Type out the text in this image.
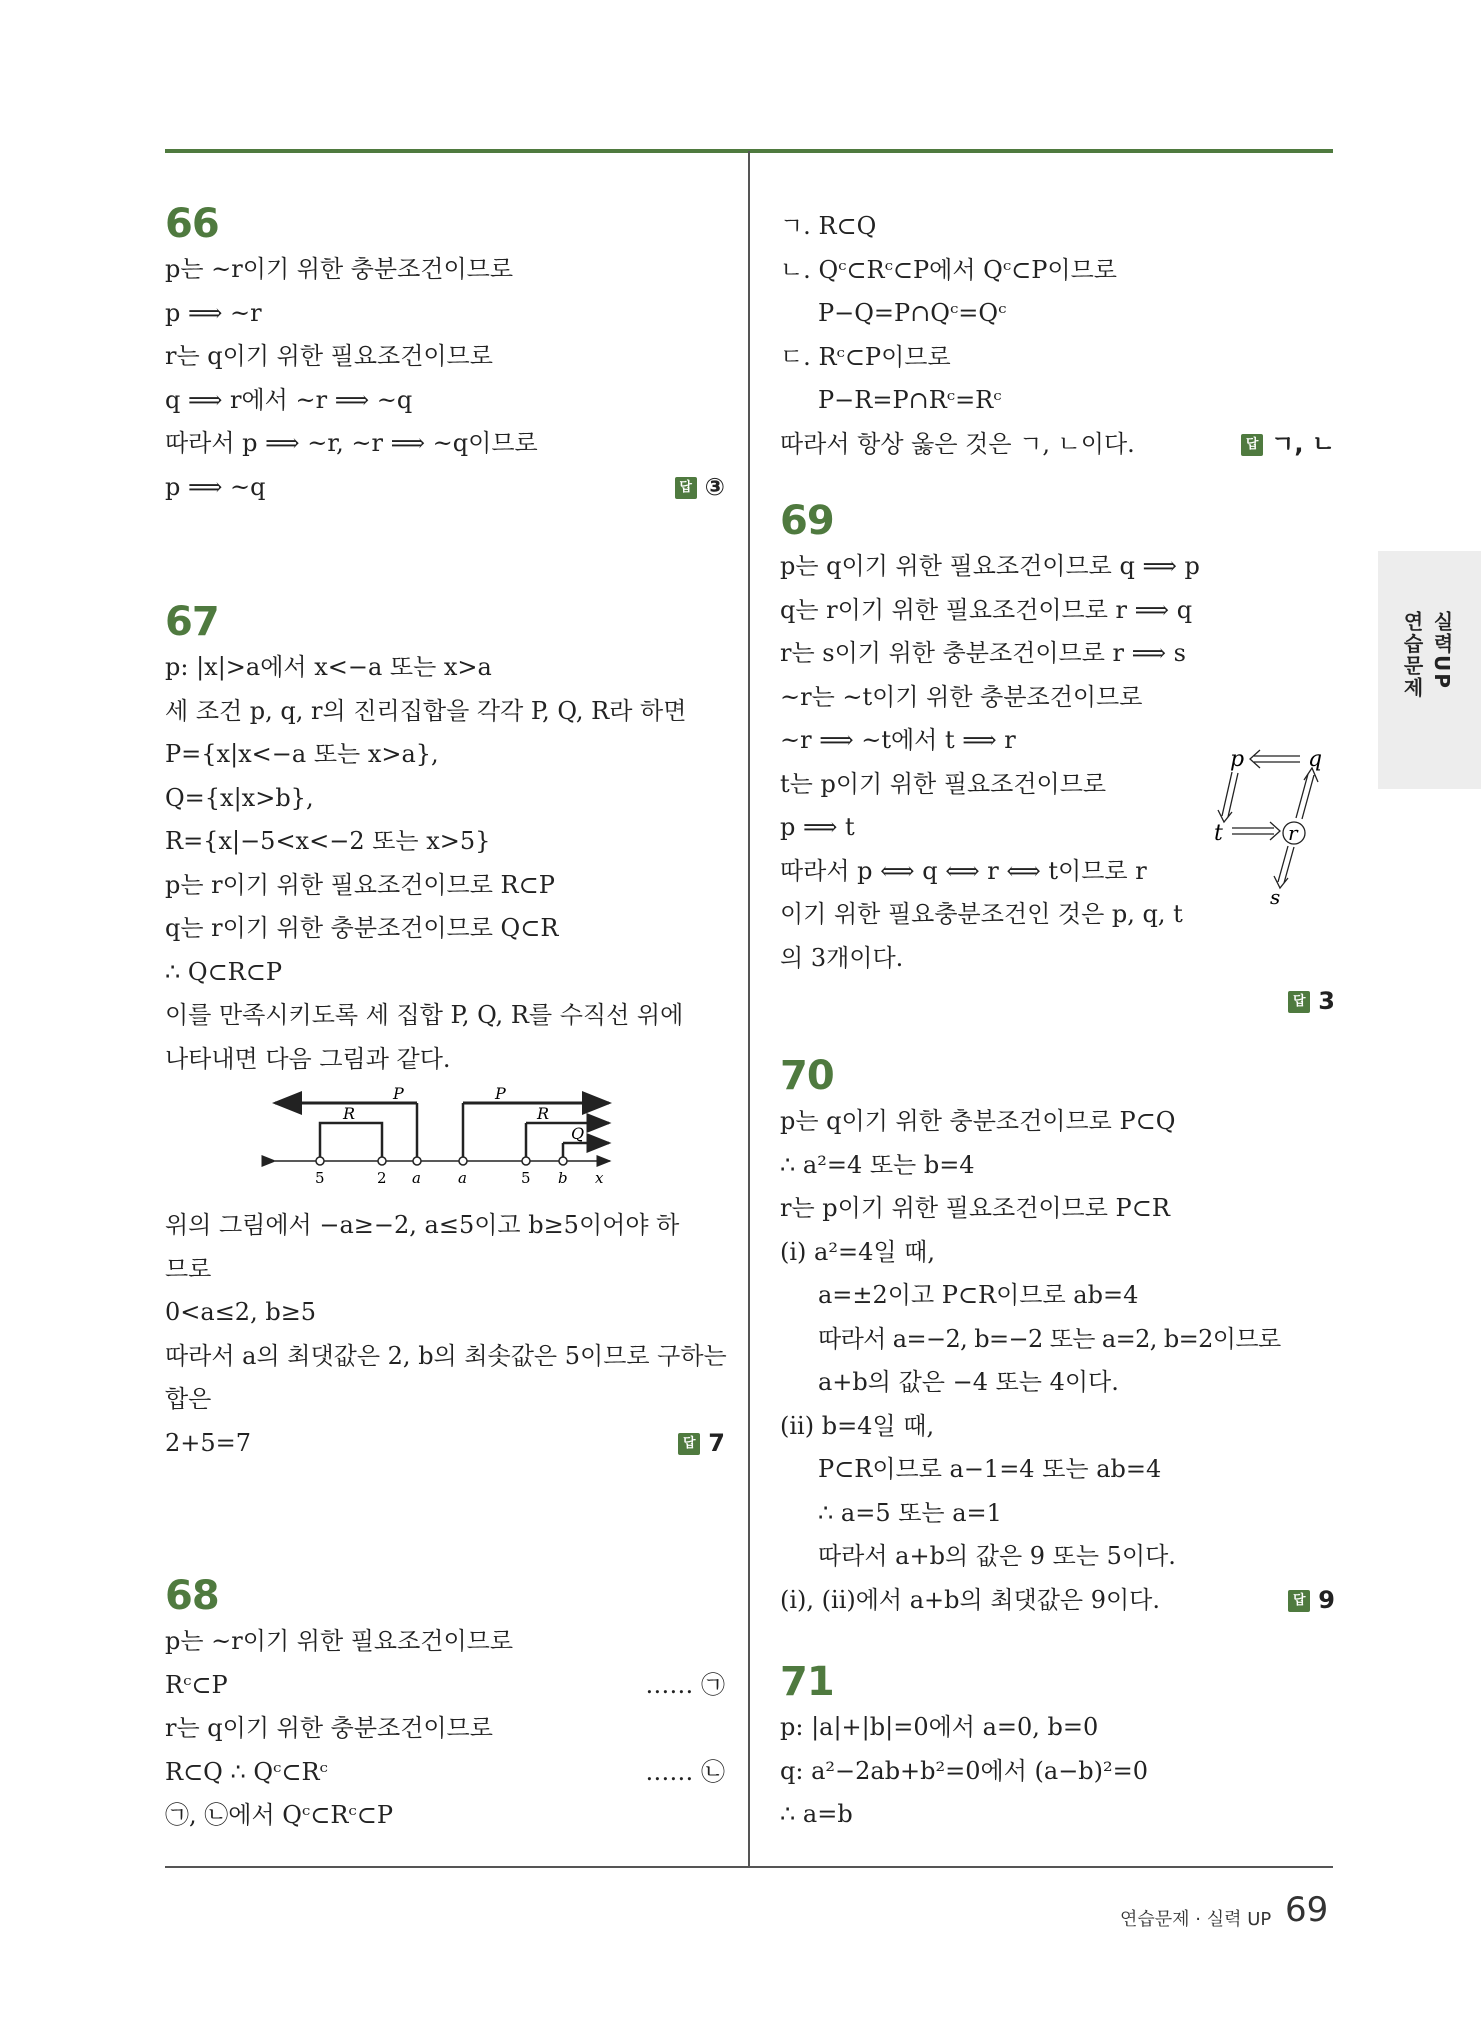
66
p는 ~r이기 위한 충분조건이므로
p ⟹ ~r
r는 q이기 위한 필요조건이므로
q ⟹ r에서 ~r ⟹ ~q
따라서 p ⟹ ~r, ~r ⟹ ~q이므로
p ⟹ ~q	답 ③
67
p: |x|>a에서 x<−a 또는 x>a
세 조건 p, q, r의 진리집합을 각각 P, Q, R라 하면
P={x|x<−a 또는 x>a},
Q={x|x>b},
R={x|−5<x<−2 또는 x>5}
p는 r이기 위한 필요조건이므로 R⊂P
q는 r이기 위한 충분조건이므로 Q⊂R
∴ Q⊂R⊂P
이를 만족시키도록 세 집합 P, Q, R를 수직선 위에
나타내면 다음 그림과 같다.
P	P
R	R
Q
x
5	2 a a	5 b
위의 그림에서 −a≥−2, a≤5이고 b≥5이어야 하
므로
0<a≤2, b≥5
따라서 a의 최댓값은 2, b의 최솟값은 5이므로 구하는
합은
2+5=7	답 7
68
p는 ~r이기 위한 필요조건이므로
Rᶜ⊂P	…… ㉠
r는 q이기 위한 충분조건이므로
R⊂Q ∴ Qᶜ⊂Rᶜ	…… ㉡
㉠, ㉡에서 Qᶜ⊂Rᶜ⊂P
ㄱ. R⊂Q
ㄴ. Qᶜ⊂Rᶜ⊂P에서 Qᶜ⊂P이므로
P−Q=P∩Qᶜ=Qᶜ
ㄷ. Rᶜ⊂P이므로
P−R=P∩Rᶜ=Rᶜ
따라서 항상 옳은 것은 ㄱ, ㄴ이다.	답 ㄱ, ㄴ
69
p는 q이기 위한 필요조건이므로 q ⟹ p
q는 r이기 위한 필요조건이므로 r ⟹ q
r는 s이기 위한 충분조건이므로 r ⟹ s
~r는 ~t이기 위한 충분조건이므로
~r ⟹ ~t에서 t ⟹ r
t는 p이기 위한 필요조건이므로
p ⟹ t
따라서 p ⟺ q ⟺ r ⟺ t이므로 r
이기 위한 필요충분조건인 것은 p, q, t
의 3개이다.
답 3
p	q
t	r
s
70
p는 q이기 위한 충분조건이므로 P⊂Q
∴ a²=4 또는 b=4
r는 p이기 위한 필요조건이므로 P⊂R
(i) a²=4일 때,
a=±2이고 P⊂R이므로 ab=4
따라서 a=−2, b=−2 또는 a=2, b=2이므로
a+b의 값은 −4 또는 4이다.
(ii) b=4일 때,
P⊂R이므로 a−1=4 또는 ab=4
∴ a=5 또는 a=1
따라서 a+b의 값은 9 또는 5이다.
(i), (ii)에서 a+b의 최댓값은 9이다.	답 9
71
p: |a|+|b|=0에서 a=0, b=0
q: a²−2ab+b²=0에서 (a−b)²=0
∴ a=b
실력UP
연습문제
연습문제 · 실력 UP 69
